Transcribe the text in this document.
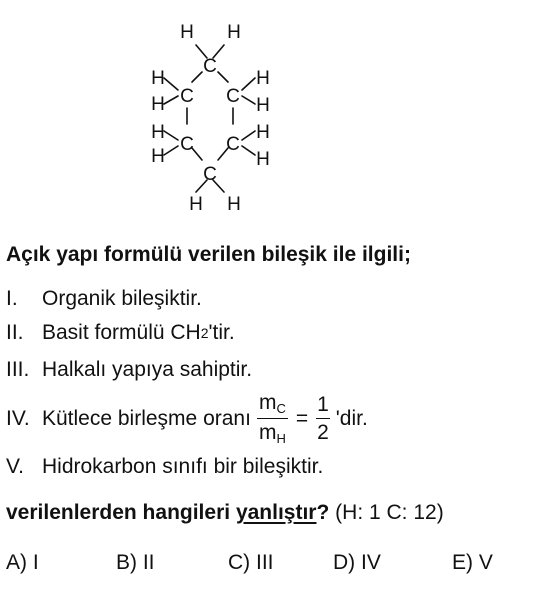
C
C C
C C
C
H H
H
H
H
H
H
H
H
H
H H
Açık yapı formülü verilen bileşik ile ilgili;
I.	Organik bileşiktir.
II. Basit formülü CH 2 'tir.
III. Halkalı yapıya sahiptir.
IV. Kütlece birleşme oranı $\frac{m_C}{m_H} = \frac{1}{2}$ 'dir.
V. Hidrokarbon sınıfı bir bileşiktir.
verilenlerden hangileri yanlıştır? (H: 1 C: 12)
A) I	B) II	C) III	D) IV	E) V
